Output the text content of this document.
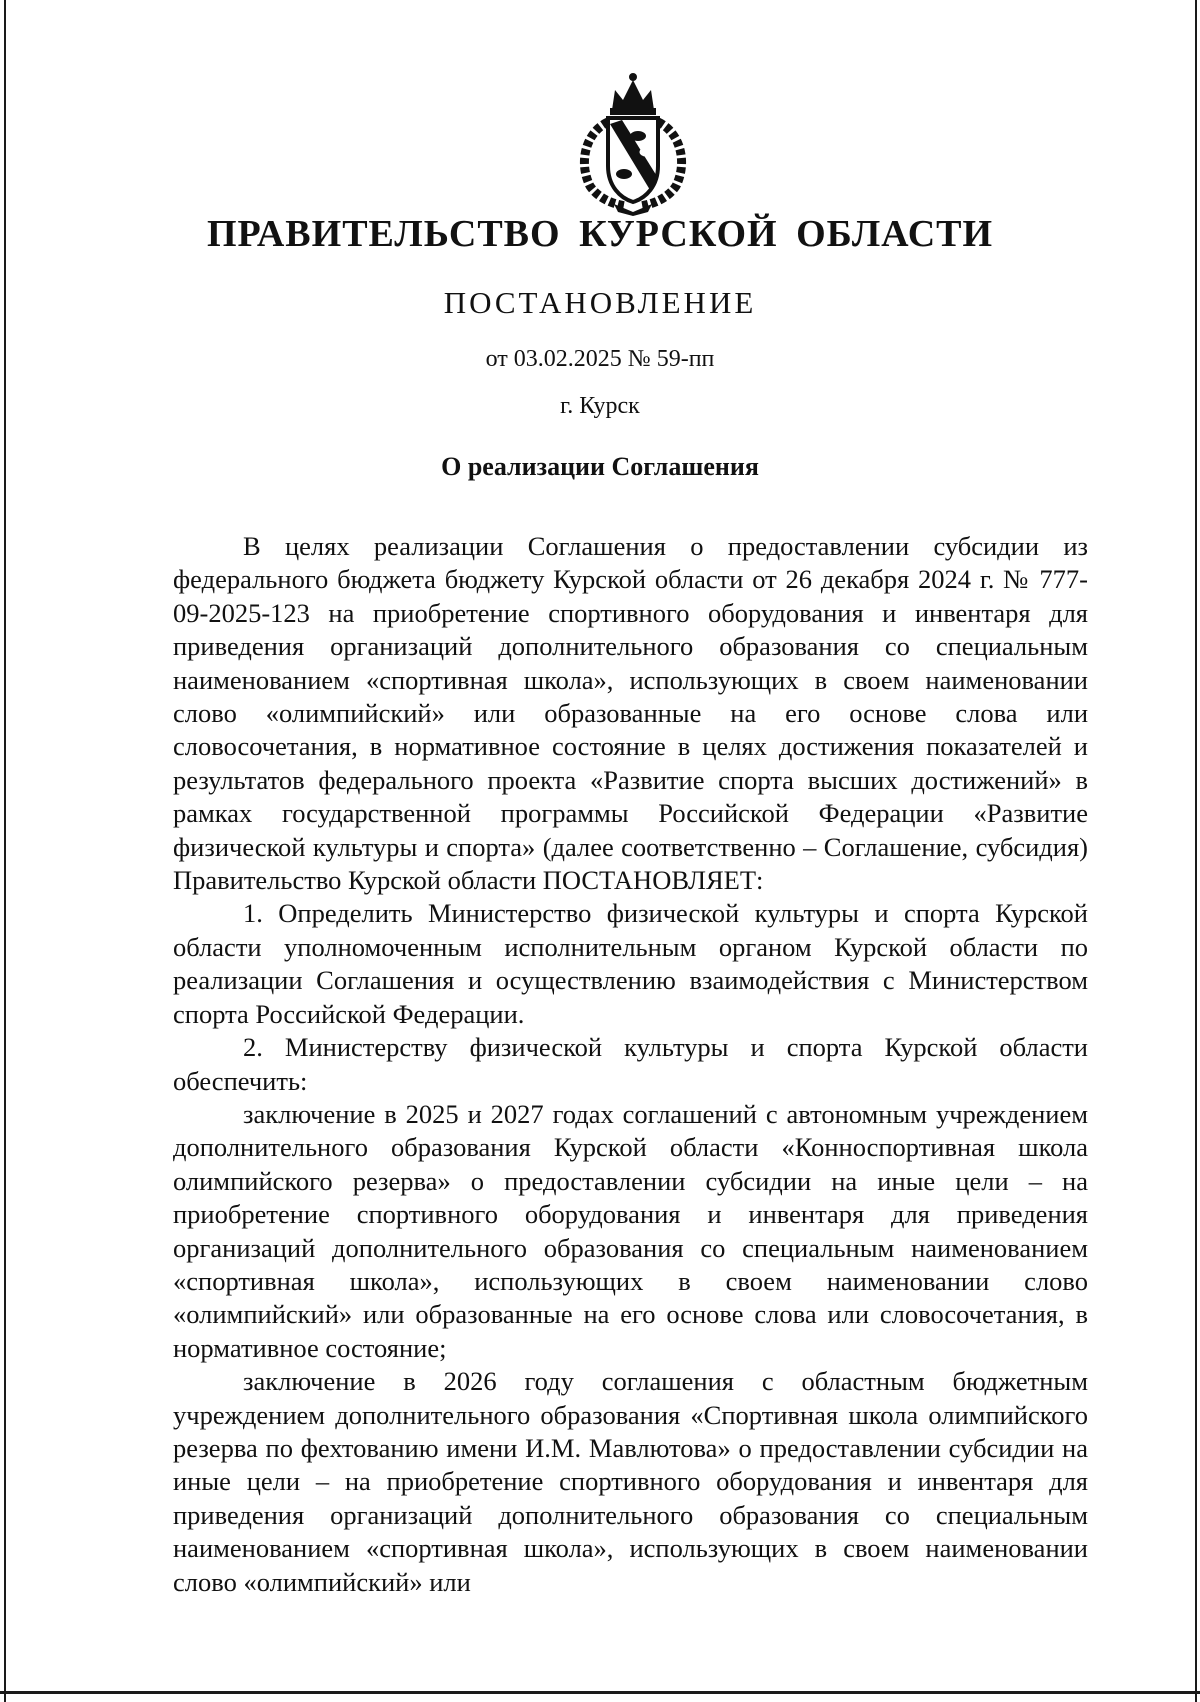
ПРАВИТЕЛЬСТВО КУРСКОЙ ОБЛАСТИ
ПОСТАНОВЛЕНИЕ
от 03.02.2025 № 59-пп
г. Курск
О реализации Соглашения

В целях реализации Соглашения о предоставлении субсидии из федерального бюджета бюджету Курской области от 26 декабря 2024 г. № 777-09-2025-123 на приобретение спортивного оборудования и инвентаря для приведения организаций дополнительного образования со специальным наименованием «спортивная школа», использующих в своем наименовании слово «олимпийский» или образованные на его основе слова или словосочетания, в нормативное состояние в целях достижения показателей и результатов федерального проекта «Развитие спорта высших достижений» в рамках государственной программы Российской Федерации «Развитие физической культуры и спорта» (далее соответственно – Соглашение, субсидия) Правительство Курской области ПОСТАНОВЛЯЕТ:

1. Определить Министерство физической культуры и спорта Курской области уполномоченным исполнительным органом Курской области по реализации Соглашения и осуществлению взаимодействия с Министерством спорта Российской Федерации.

2. Министерству физической культуры и спорта Курской области обеспечить:

заключение в 2025 и 2027 годах соглашений с автономным учреждением дополнительного образования Курской области «Конноспортивная школа олимпийского резерва» о предоставлении субсидии на иные цели – на приобретение спортивного оборудования и инвентаря для приведения организаций дополнительного образования со специальным наименованием «спортивная школа», использующих в своем наименовании слово «олимпийский» или образованные на его основе слова или словосочетания, в нормативное состояние;

заключение в 2026 году соглашения с областным бюджетным учреждением дополнительного образования «Спортивная школа олимпийского резерва по фехтованию имени И.М. Мавлютова» о предоставлении субсидии на иные цели – на приобретение спортивного оборудования и инвентаря для приведения организаций дополнительного образования со специальным наименованием «спортивная школа», использующих в своем наименовании слово «олимпийский» или
